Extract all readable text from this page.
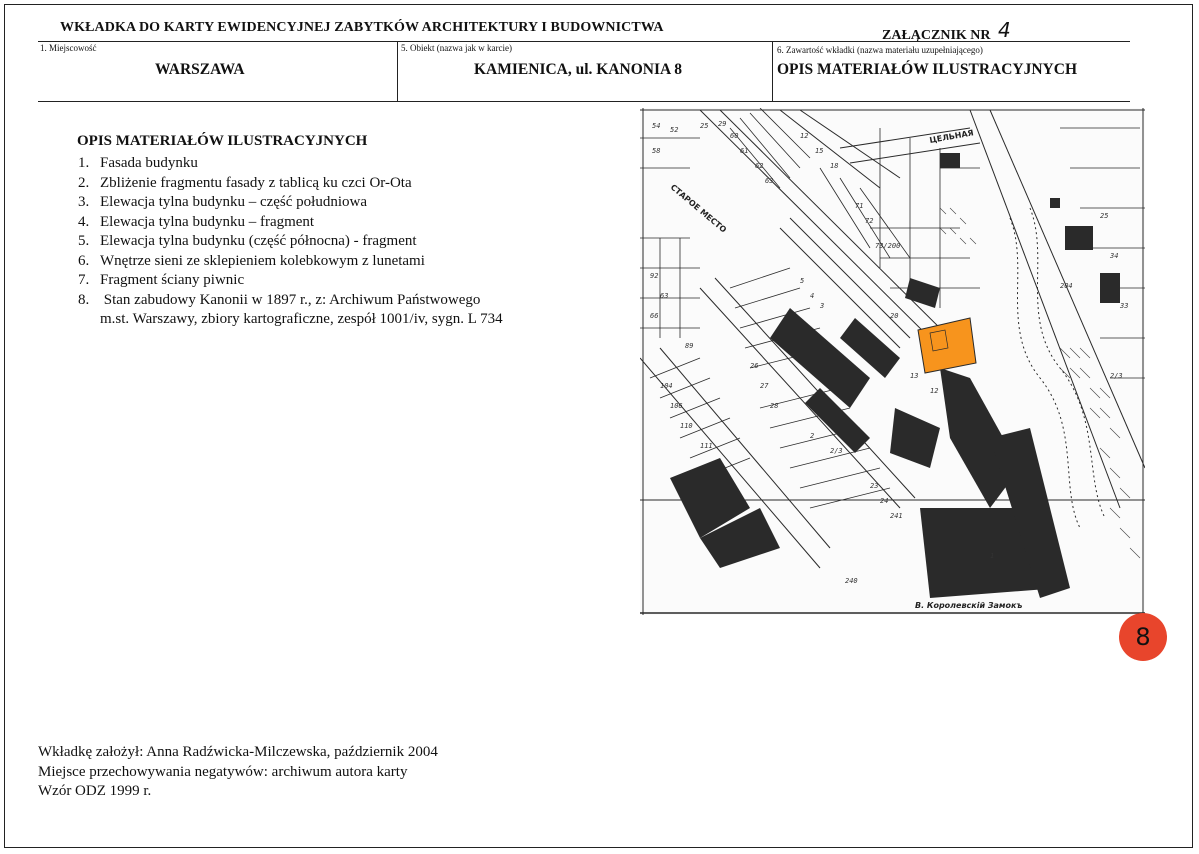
WKŁADKA DO KARTY EWIDENCYJNEJ ZABYTKÓW ARCHITEKTURY I BUDOWNICTWA
ZAŁĄCZNIK NR 4
1. Miejscowość
WARSZAWA
5. Obiekt (nazwa jak w karcie)
KAMIENICA, ul. KANONIA 8
6. Zawartość wkładki (nazwa materiału uzupełniającego)
OPIS MATERIAŁÓW ILUSTRACYJNYCH
OPIS MATERIAŁÓW ILUSTRACYJNYCH
1. Fasada budynku
2. Zbliżenie fragmentu fasady z tablicą ku czci Or-Ota
3. Elewacja tylna budynku – część południowa
4. Elewacja tylna budynku – fragment
5. Elewacja tylna budynku (część północna) - fragment
6. Wnętrze sieni ze sklepieniem kolebkowym z lunetami
7. Fragment ściany piwnic
8. Stan zabudowy Kanonii w 1897 r., z: Archiwum Państwowego
m.st. Warszawy, zbiory kartograficzne, zespół 1001/iv, sygn. L 734
54 52
58
25 29
60
61
62
63
12
15
18
71
72
73/200
5
4
3
92
63
66
89
104
106
110
111
26
27
28
2
2/3
23
24
241
25
34
33
2/3
204
13
12
20
240
1
СТАРОЕ МЕСТО
В. Королевскій Замокъ
ЦЕЛЬНАЯ
8
Wkładkę założył: Anna Radźwicka-Milczewska, październik 2004
Miejsce przechowywania negatywów: archiwum autora karty
Wzór ODZ 1999 r.
